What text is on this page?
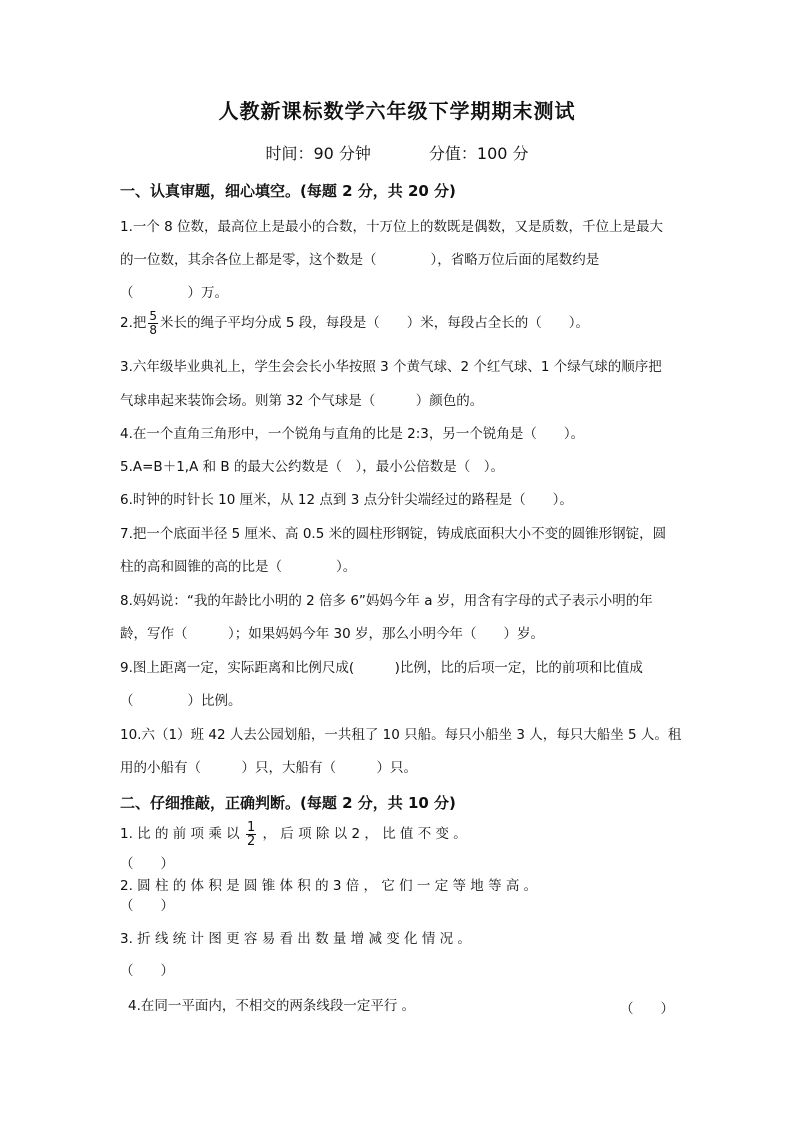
人教新课标数学六年级下学期期末测试
时间：90 分钟	分值：100 分
一、认真审题，细心填空。(每题 2 分，共 20 分)
1.一个 8 位数，最高位上是最小的合数，十万位上的数既是偶数，又是质数，千位上是最大
的一位数，其余各位上都是零，这个数是（　　　　），省略万位后面的尾数约是
（　　　　）万。
2.把 $\frac{5}{8}$ 米长的绳子平均分成 5 段，每段是（　　）米，每段占全长的（　　）。
3.六年级毕业典礼上，学生会会长小华按照 3 个黄气球、2 个红气球、1 个绿气球的顺序把
气球串起来装饰会场。则第 32 个气球是（　　　）颜色的。
4.在一个直角三角形中，一个锐角与直角的比是 2:3，另一个锐角是（　　）。
5.A=B＋1,A 和 B 的最大公约数是（　），最小公倍数是（　）。
6.时钟的时针长 10 厘米，从 12 点到 3 点分针尖端经过的路程是（　　）。
7.把一个底面半径 5 厘米、高 0.5 米的圆柱形钢锭，铸成底面积大小不变的圆锥形钢锭，圆
柱的高和圆锥的高的比是（　　　　）。
8.妈妈说：“我的年龄比小明的 2 倍多 6”妈妈今年 a 岁，用含有字母的式子表示小明的年
龄，写作（　　　）；如果妈妈今年 30 岁，那么小明今年（　　）岁。
9.图上距离一定，实际距离和比例尺成(　　　)比例，比的后项一定，比的前项和比值成
（　　　　）比例。
10.六（1）班 42 人去公园划船，一共租了 10 只船。每只小船坐 3 人，每只大船坐 5 人。租
用的小船有（　　　）只，大船有（　　　）只。
二、仔细推敲，正确判断。(每题 2 分，共 10 分)
1. 比 的 前 项 乘 以 $\frac{1}{2}$ ， 后 项 除 以 2 ， 比 值 不 变 。
（　　）
2. 圆 柱 的 体 积 是 圆 锥 体 积 的 3 倍 ， 它 们 一 定 等 地 等 高 。
（　　）
3. 折 线 统 计 图 更 容 易 看 出 数 量 增 减 变 化 情 况 。
（　　）
4.在同一平面内，不相交的两条线段一定平行 。	（　　）
